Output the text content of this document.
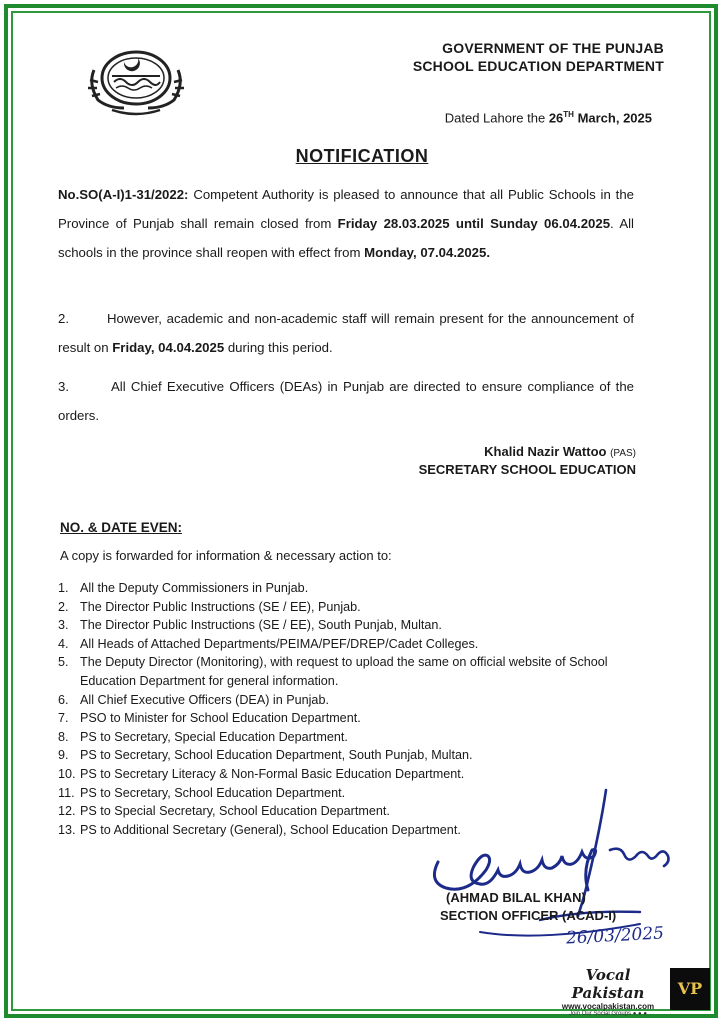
GOVERNMENT OF THE PUNJAB
SCHOOL EDUCATION DEPARTMENT
Dated Lahore the 26TH March, 2025
NOTIFICATION
No.SO(A-I)1-31/2022: Competent Authority is pleased to announce that all Public Schools in the Province of Punjab shall remain closed from Friday 28.03.2025 until Sunday 06.04.2025. All schools in the province shall reopen with effect from Monday, 07.04.2025.
2.	However, academic and non-academic staff will remain present for the announcement of result on Friday, 04.04.2025 during this period.
3.	All Chief Executive Officers (DEAs) in Punjab are directed to ensure compliance of the orders.
Khalid Nazir Wattoo (PAS)
SECRETARY SCHOOL EDUCATION
NO. & DATE EVEN:
A copy is forwarded for information & necessary action to:
1. All the Deputy Commissioners in Punjab.
2. The Director Public Instructions (SE / EE), Punjab.
3. The Director Public Instructions (SE / EE), South Punjab, Multan.
4. All Heads of Attached Departments/PEIMA/PEF/DREP/Cadet Colleges.
5. The Deputy Director (Monitoring), with request to upload the same on official website of School Education Department for general information.
6. All Chief Executive Officers (DEA) in Punjab.
7. PSO to Minister for School Education Department.
8. PS to Secretary, Special Education Department.
9. PS to Secretary, School Education Department, South Punjab, Multan.
10. PS to Secretary Literacy & Non-Formal Basic Education Department.
11. PS to Secretary, School Education Department.
12. PS to Special Secretary, School Education Department.
13. PS to Additional Secretary (General), School Education Department.
(AHMAD BILAL KHAN)
SECTION OFFICER (ACAD-I)
26/03/2025
Vocal Pakistan
www.vocalpakistan.com
Join Our Social Groups ● ● ●
VP
